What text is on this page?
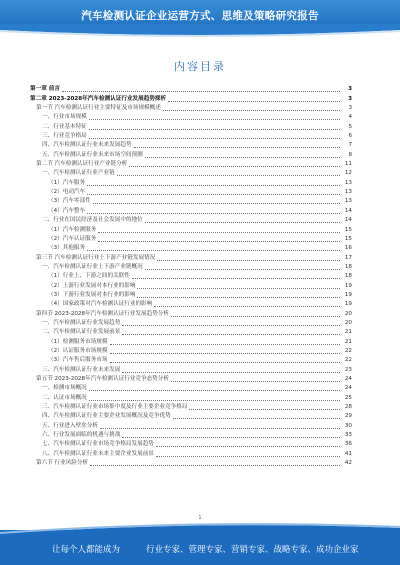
汽车检测认证企业运营方式、思维及策略研究报告
内容目录
第一章 前言	3
第二章 2023-2028年汽车检测认证行业发展趋势探析	3
第一节 汽车检测认证行业主要特征及市场规模概述	3
一、行业市场规模	4
二、行业基本特征	5
三、行业竞争格局	6
四、汽车检测认证行业未来发展趋势	7
五、汽车检测认证行业未来市场空间预测	8
第二节 汽车检测认证行业产业链分析	11
一、汽车检测认证行业产业链	12
（1）汽车服务	13
（2）电动汽车	13
（3）汽车零部件	13
（4）汽车整车	14
二、行业在国民经济及社会发展中的地位	14
（1）汽车检测服务	15
（2）汽车认证服务	15
（3）其他服务	16
第三节 汽车检测认证行业上下游产业链发展情况	17
一、汽车检测认证行业上下游产业链概况	18
（1）行业上、下游之间的关联性	18
（2）上游行业发展对本行业的影响	19
（3）下游行业发展对本行业的影响	19
（4）国家政策对汽车检测认证行业的影响	19
第四节 2023-2028年汽车检测认证行业发展趋势分析	20
一、汽车检测认证行业发展趋势	20
二、汽车检测认证行业发展前景	21
（1）检测服务市场规模	21
（2）认证服务市场规模	22
（3）汽车售后服务市场	22
三、汽车检测认证行业未来发展	23
第五节 2023-2028年汽车检测认证行业竞争态势分析	24
一、检测市场概况	24
二、认证市场概况	25
三、汽车检测认证行业市场集中度及行业主要企业竞争格局	28
四、汽车检测认证行业主要企业发展概况及竞争优势	29
五、行业进入壁垒分析	30
六、行业发展面临的机遇与挑战	33
七、汽车检测认证行业市场竞争格局发展趋势	36
八、汽车检测认证行业未来主要企业发展前景	41
第六节 行业风险分析	42
1
让每个人都能成为	行业专家、管理专家、营销专家、战略专家、成功企业家
